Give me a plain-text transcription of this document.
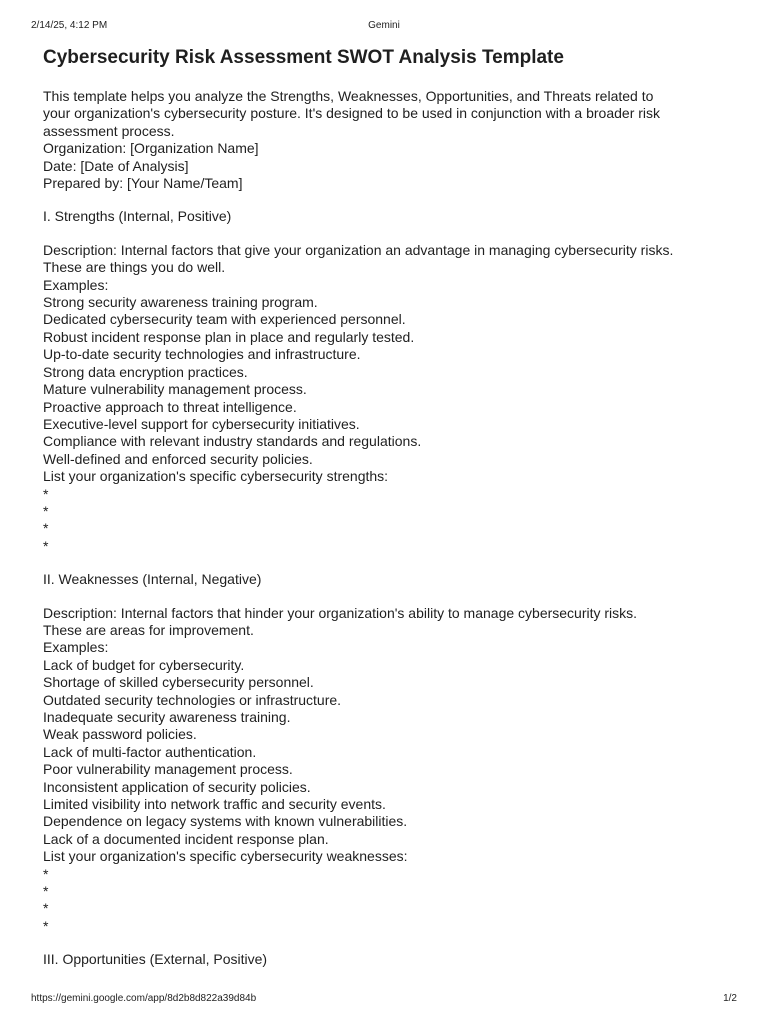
2/14/25, 4:12 PM	Gemini
Cybersecurity Risk Assessment SWOT Analysis Template
This template helps you analyze the Strengths, Weaknesses, Opportunities, and Threats related to
your organization's cybersecurity posture. It's designed to be used in conjunction with a broader risk
assessment process.
Organization: [Organization Name]
Date: [Date of Analysis]
Prepared by: [Your Name/Team]
I. Strengths (Internal, Positive)
Description: Internal factors that give your organization an advantage in managing cybersecurity risks.
These are things you do well.
Examples:
Strong security awareness training program.
Dedicated cybersecurity team with experienced personnel.
Robust incident response plan in place and regularly tested.
Up-to-date security technologies and infrastructure.
Strong data encryption practices.
Mature vulnerability management process.
Proactive approach to threat intelligence.
Executive-level support for cybersecurity initiatives.
Compliance with relevant industry standards and regulations.
Well-defined and enforced security policies.
List your organization's specific cybersecurity strengths:
*
*
*
*
II. Weaknesses (Internal, Negative)
Description: Internal factors that hinder your organization's ability to manage cybersecurity risks.
These are areas for improvement.
Examples:
Lack of budget for cybersecurity.
Shortage of skilled cybersecurity personnel.
Outdated security technologies or infrastructure.
Inadequate security awareness training.
Weak password policies.
Lack of multi-factor authentication.
Poor vulnerability management process.
Inconsistent application of security policies.
Limited visibility into network traffic and security events.
Dependence on legacy systems with known vulnerabilities.
Lack of a documented incident response plan.
List your organization's specific cybersecurity weaknesses:
*
*
*
*
III. Opportunities (External, Positive)
https://gemini.google.com/app/8d2b8d822a39d84b	1/2
